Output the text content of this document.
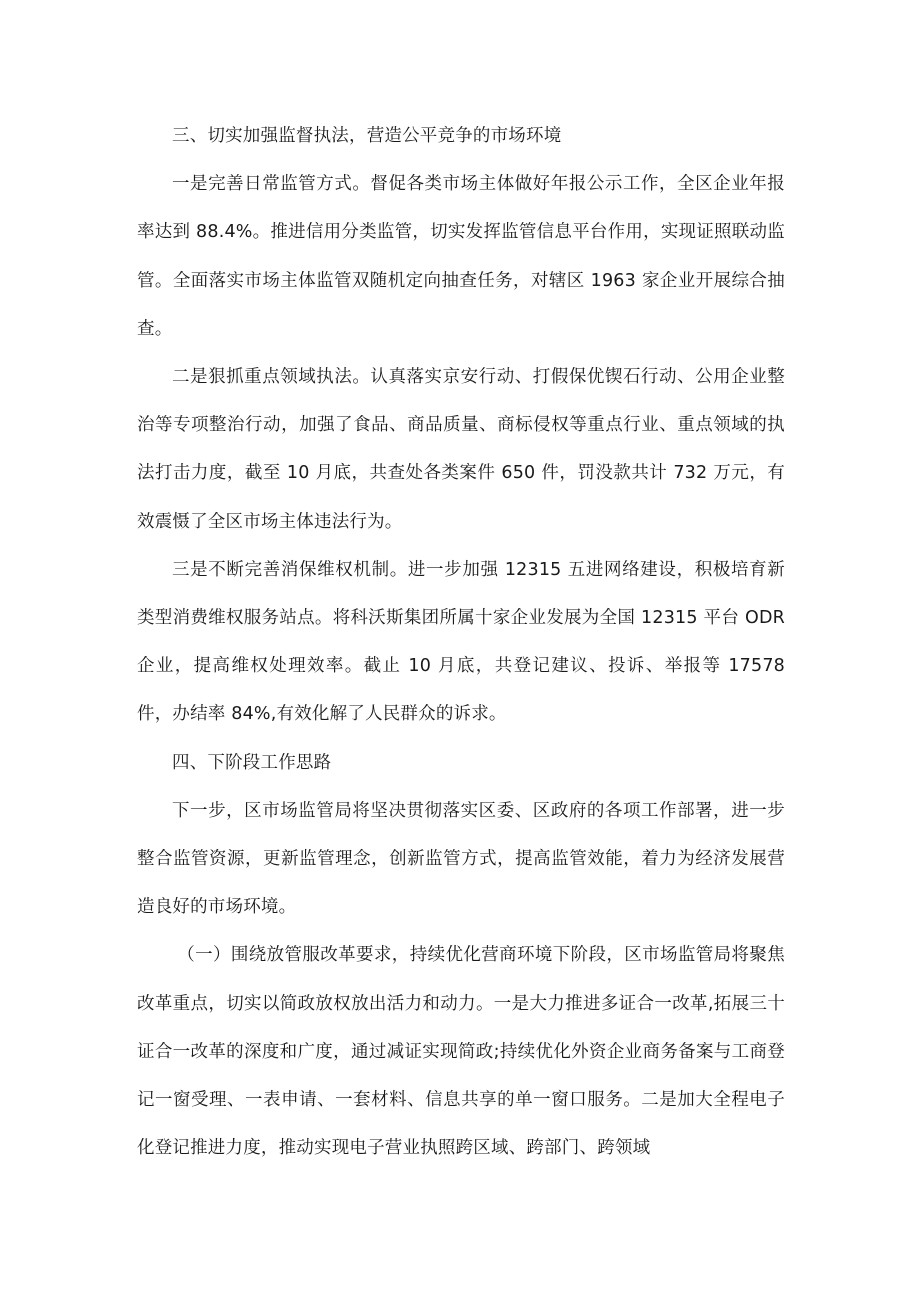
三、切实加强监督执法，营造公平竞争的市场环境

一是完善日常监管方式。督促各类市场主体做好年报公示工作，全区企业年报率达到 88.4%。推进信用分类监管，切实发挥监管信息平台作用，实现证照联动监管。全面落实市场主体监管双随机定向抽查任务，对辖区 1963 家企业开展综合抽查。

二是狠抓重点领域执法。认真落实京安行动、打假保优锲石行动、公用企业整治等专项整治行动，加强了食品、商品质量、商标侵权等重点行业、重点领域的执法打击力度，截至 10 月底，共查处各类案件 650 件，罚没款共计 732 万元，有效震慑了全区市场主体违法行为。

三是不断完善消保维权机制。进一步加强 12315 五进网络建设，积极培育新类型消费维权服务站点。将科沃斯集团所属十家企业发展为全国 12315 平台 ODR 企业，提高维权处理效率。截止 10 月底，共登记建议、投诉、举报等 17578 件，办结率 84%,有效化解了人民群众的诉求。

四、下阶段工作思路

下一步，区市场监管局将坚决贯彻落实区委、区政府的各项工作部署，进一步整合监管资源，更新监管理念，创新监管方式，提高监管效能，着力为经济发展营造良好的市场环境。

（一）围绕放管服改革要求，持续优化营商环境下阶段，区市场监管局将聚焦改革重点，切实以简政放权放出活力和动力。一是大力推进多证合一改革,拓展三十证合一改革的深度和广度，通过减证实现简政;持续优化外资企业商务备案与工商登记一窗受理、一表申请、一套材料、信息共享的单一窗口服务。二是加大全程电子化登记推进力度，推动实现电子营业执照跨区域、跨部门、跨领域
